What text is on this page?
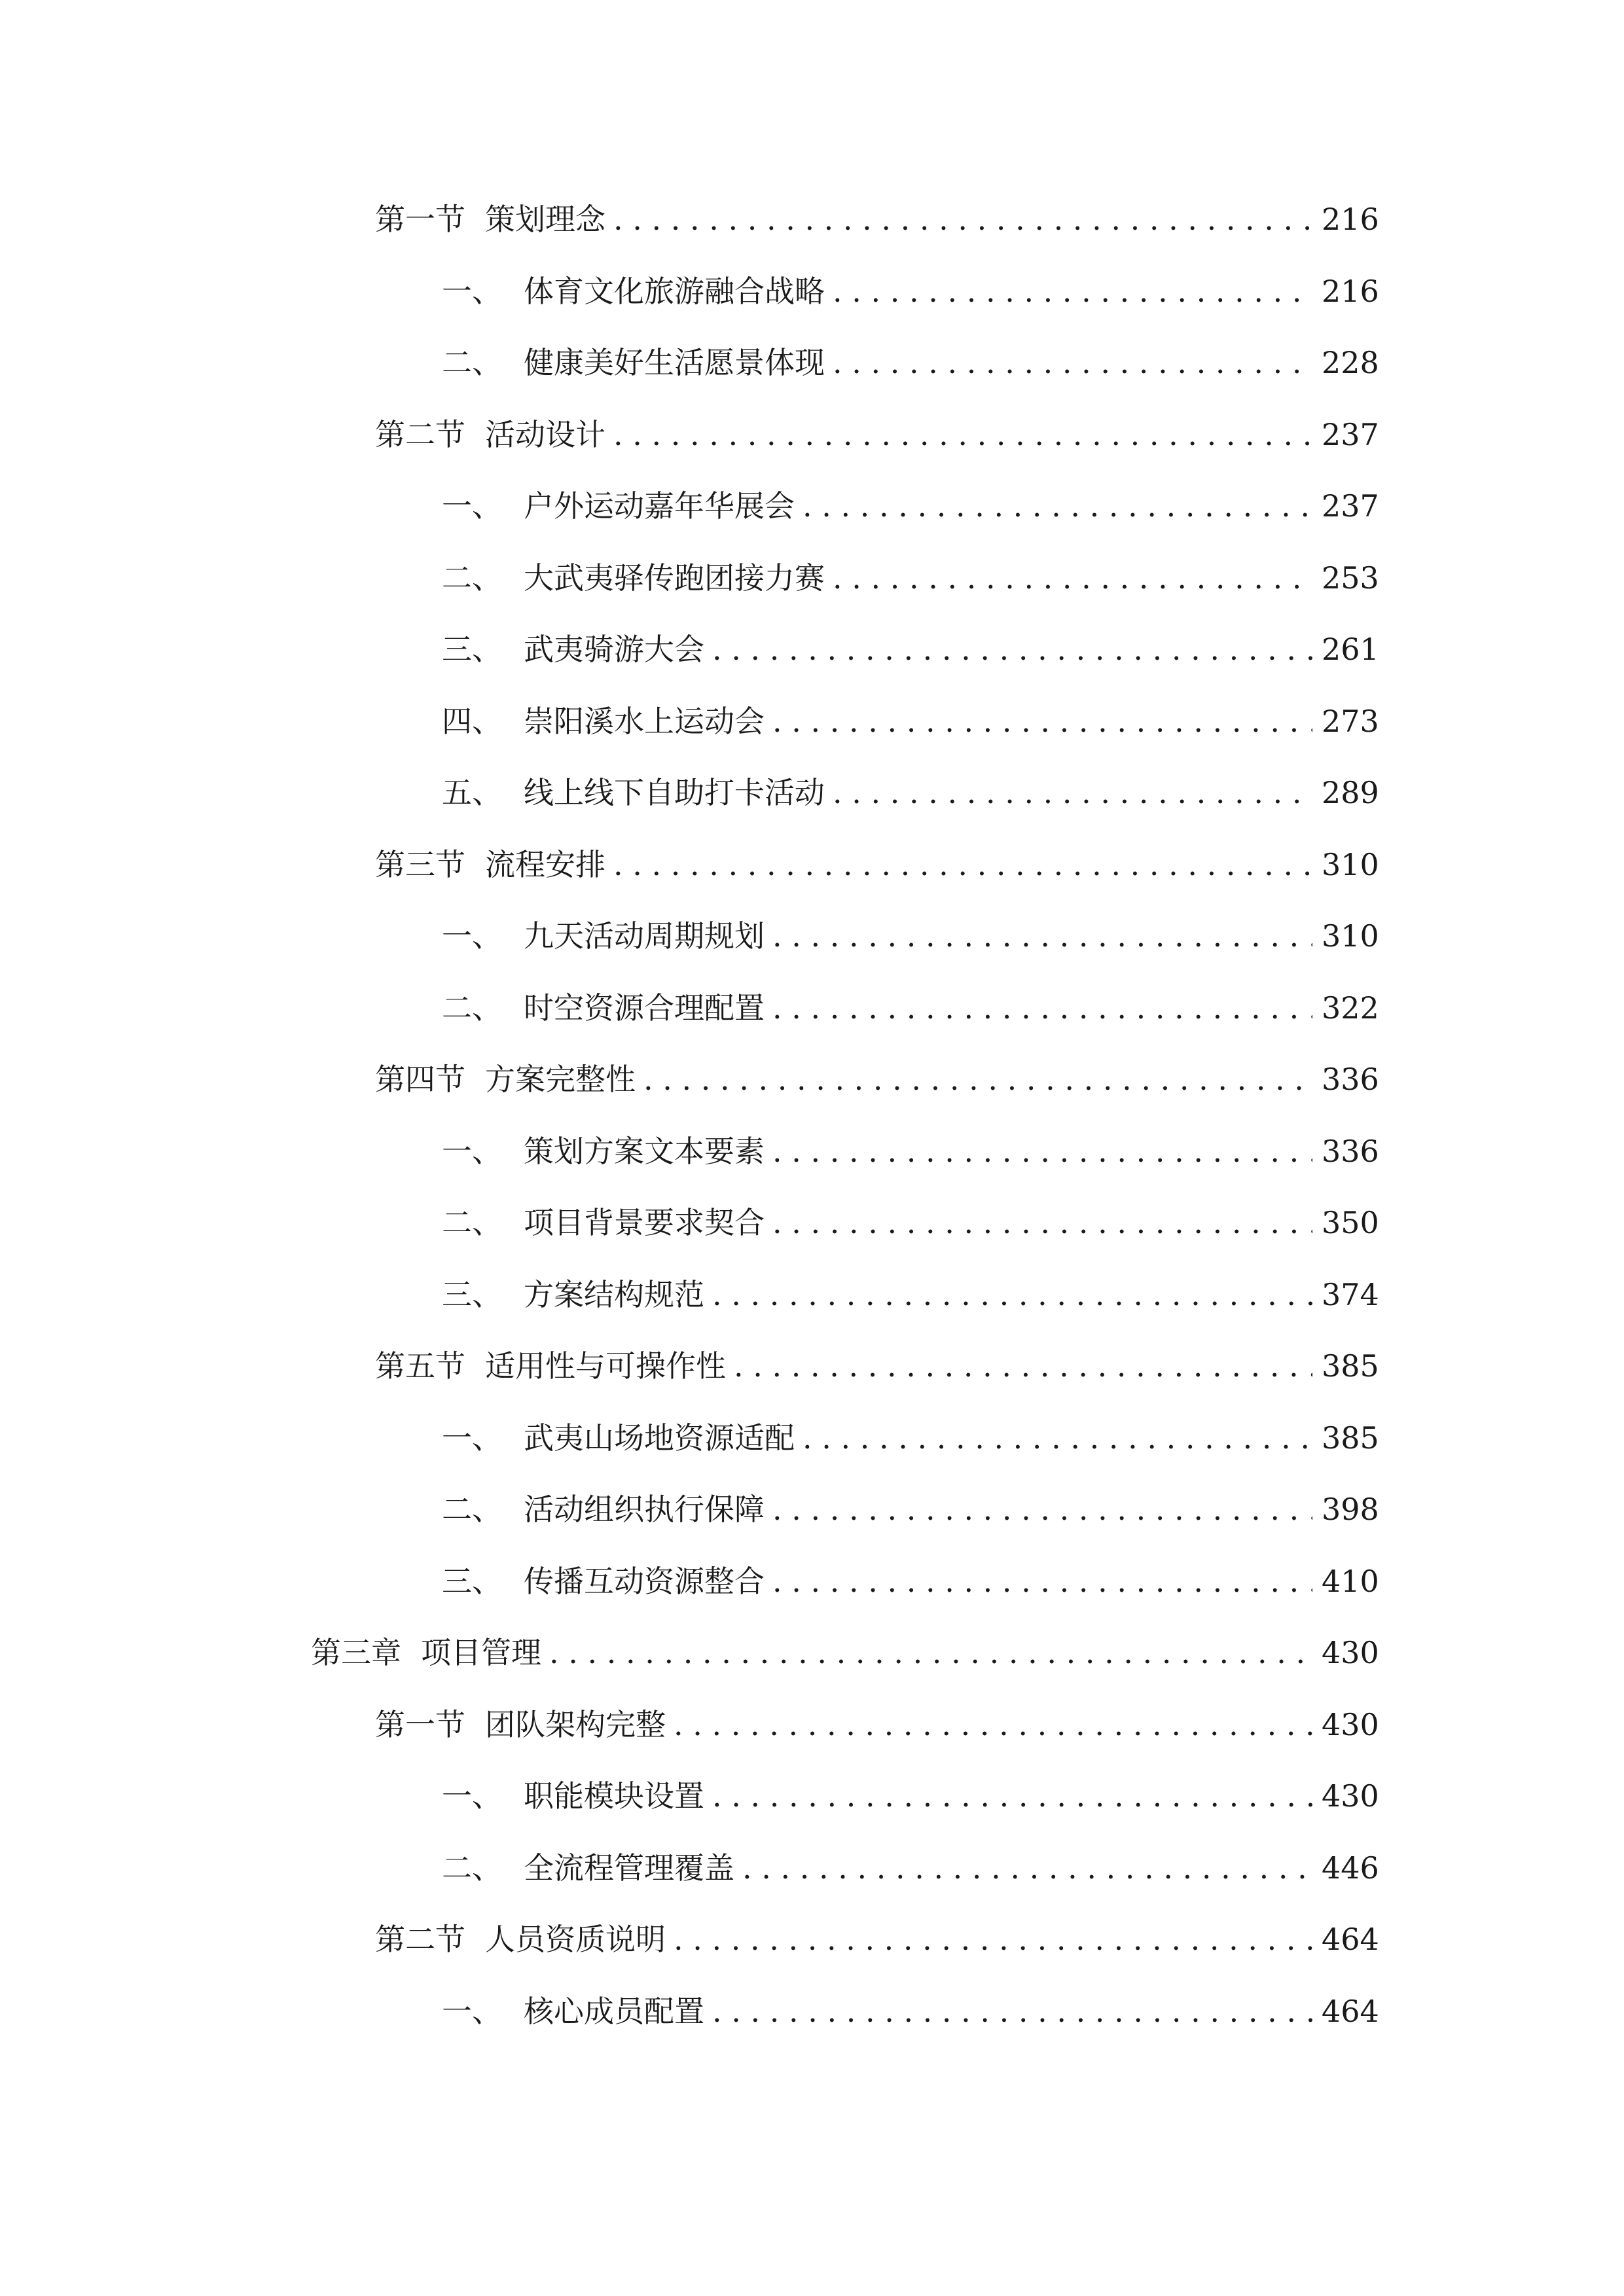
第一节 策划理念 . . .	216
一、 体育文化旅游融合战略 . . .	216
二、 健康美好生活愿景体现 . . .	228
第二节 活动设计 . . .	237
一、 户外运动嘉年华展会 . . .	237
二、 大武夷驿传跑团接力赛 . . .	253
三、 武夷骑游大会 . . .	261
四、 崇阳溪水上运动会 . . .	273
五、 线上线下自助打卡活动 . . .	289
第三节 流程安排 . . .	310
一、 九天活动周期规划 . . .	310
二、 时空资源合理配置 . . .	322
第四节 方案完整性 . . .	336
一、 策划方案文本要素 . . .	336
二、 项目背景要求契合 . . .	350
三、 方案结构规范 . . .	374
第五节 适用性与可操作性 . . .	385
一、 武夷山场地资源适配 . . .	385
二、 活动组织执行保障 . . .	398
三、 传播互动资源整合 . . .	410
第三章 项目管理 . . .	430
第一节 团队架构完整 . . .	430
一、 职能模块设置 . . .	430
二、 全流程管理覆盖 . . .	446
第二节 人员资质说明 . . .	464
一、 核心成员配置 . . .	464
